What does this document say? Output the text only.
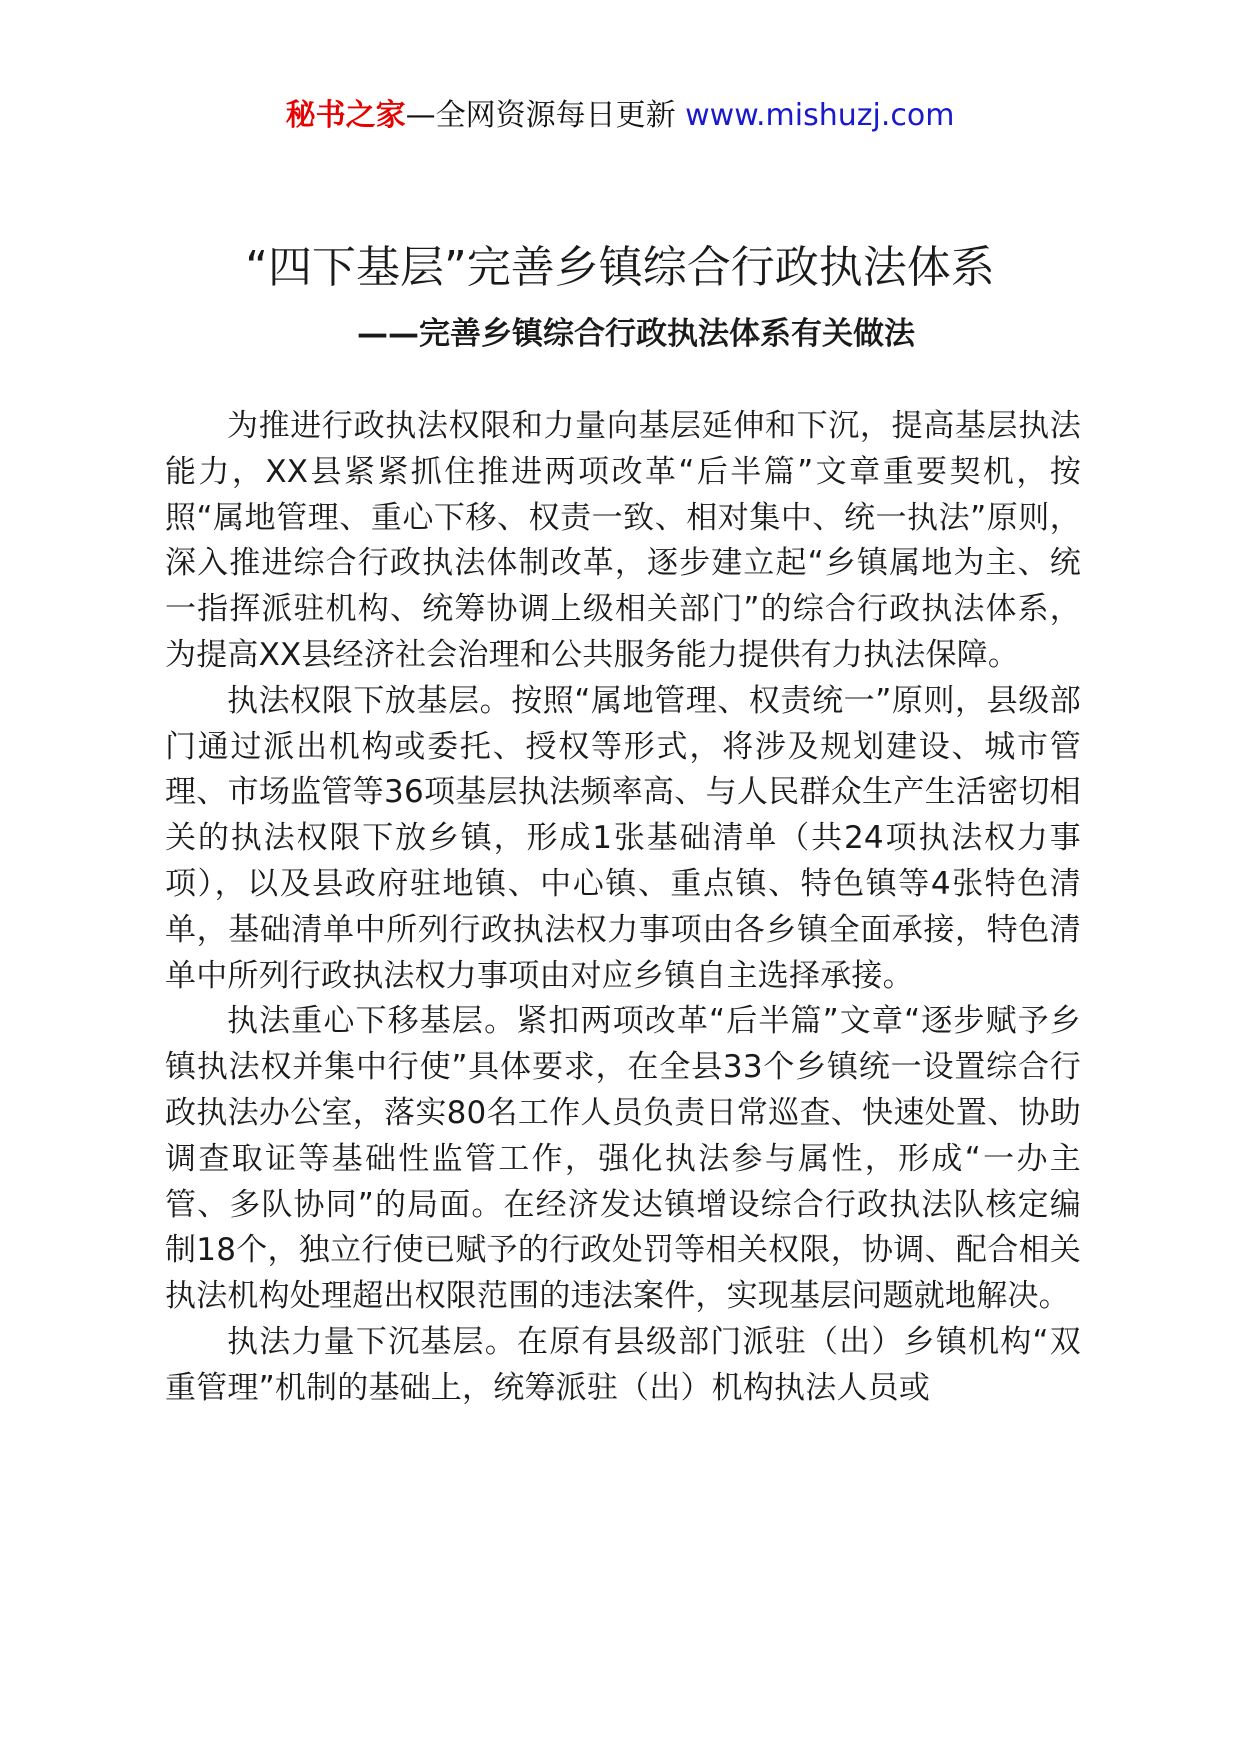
秘书之家—全网资源每日更新 www.mishuzj.com
“四下基层”完善乡镇综合行政执法体系
——完善乡镇综合行政执法体系有关做法

为推进行政执法权限和力量向基层延伸和下沉，提高基层执法能力，XX县紧紧抓住推进两项改革“后半篇”文章重要契机，按照“属地管理、重心下移、权责一致、相对集中、统一执法”原则，深入推进综合行政执法体制改革，逐步建立起“乡镇属地为主、统一指挥派驻机构、统筹协调上级相关部门”的综合行政执法体系，为提高XX县经济社会治理和公共服务能力提供有力执法保障。

执法权限下放基层。按照“属地管理、权责统一”原则，县级部门通过派出机构或委托、授权等形式，将涉及规划建设、城市管理、市场监管等36项基层执法频率高、与人民群众生产生活密切相关的执法权限下放乡镇，形成1张基础清单（共24项执法权力事项），以及县政府驻地镇、中心镇、重点镇、特色镇等4张特色清单，基础清单中所列行政执法权力事项由各乡镇全面承接，特色清单中所列行政执法权力事项由对应乡镇自主选择承接。

执法重心下移基层。紧扣两项改革“后半篇”文章“逐步赋予乡镇执法权并集中行使”具体要求，在全县33个乡镇统一设置综合行政执法办公室，落实80名工作人员负责日常巡查、快速处置、协助调查取证等基础性监管工作，强化执法参与属性，形成“一办主管、多队协同”的局面。在经济发达镇增设综合行政执法队核定编制18个，独立行使已赋予的行政处罚等相关权限，协调、配合相关执法机构处理超出权限范围的违法案件，实现基层问题就地解决。

执法力量下沉基层。在原有县级部门派驻（出）乡镇机构“双重管理”机制的基础上，统筹派驻（出）机构执法人员或
